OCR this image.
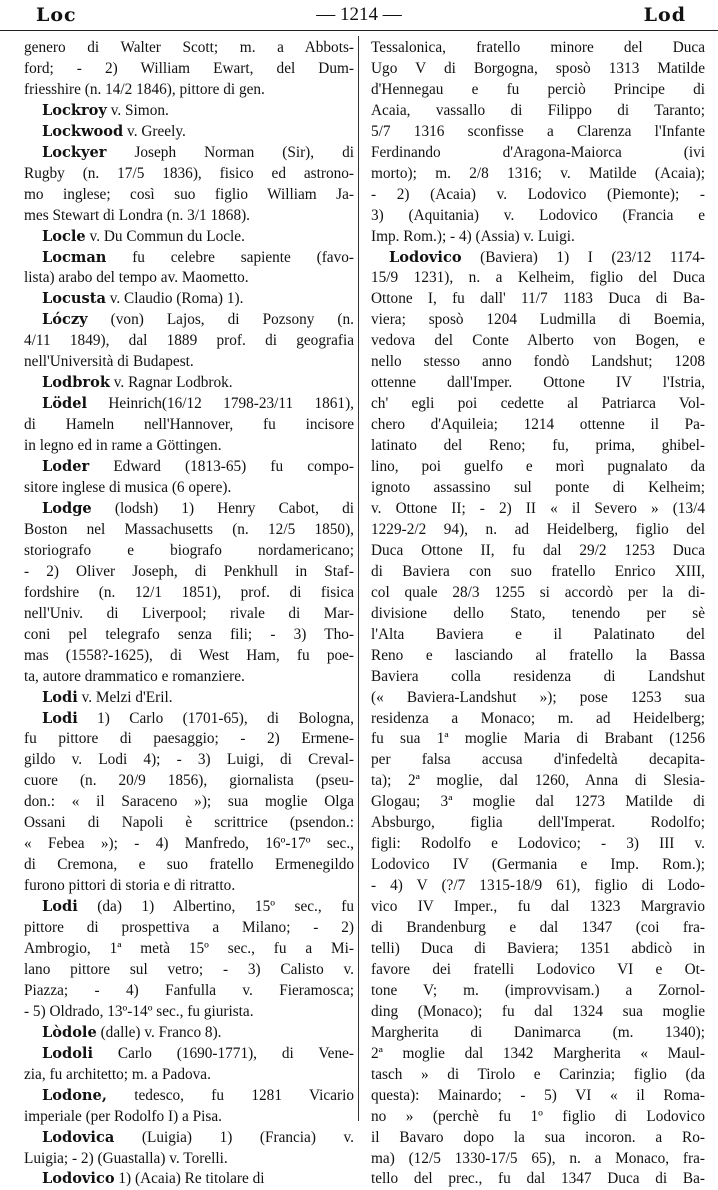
Loc	— 1214 —	Lod
genero di Walter Scott; m. a Abbots-
ford; - 2) William Ewart, del Dum-
friesshire (n. 14/2 1846), pittore di gen.
Lockroy v. Simon.
Lockwood v. Greely.
Lockyer Joseph Norman (Sir), di
Rugby (n. 17/5 1836), fisico ed astrono-
mo inglese; così suo figlio William Ja-
mes Stewart di Londra (n. 3/1 1868).
Locle v. Du Commun du Locle.
Locman fu celebre sapiente (favo-
lista) arabo del tempo av. Maometto.
Locusta v. Claudio (Roma) 1).
Lóczy (von) Lajos, di Pozsony (n.
4/11 1849), dal 1889 prof. di geografia
nell'Università di Budapest.
Lodbrok v. Ragnar Lodbrok.
Lödel Heinrich(16/12 1798-23/11 1861),
di Hameln nell'Hannover, fu incisore
in legno ed in rame a Göttingen.
Loder Edward (1813-65) fu compo-
sitore inglese di musica (6 opere).
Lodge (lodsh) 1) Henry Cabot, di
Boston nel Massachusetts (n. 12/5 1850),
storiografo e biografo nordamericano;
- 2) Oliver Joseph, di Penkhull in Staf-
fordshire (n. 12/1 1851), prof. di fisica
nell'Univ. di Liverpool; rivale di Mar-
coni pel telegrafo senza fili; - 3) Tho-
mas (1558?-1625), di West Ham, fu poe-
ta, autore drammatico e romanziere.
Lodi v. Melzi d'Eril.
Lodi 1) Carlo (1701-65), di Bologna,
fu pittore di paesaggio; - 2) Ermene-
gildo v. Lodi 4); - 3) Luigi, di Creval-
cuore (n. 20/9 1856), giornalista (pseu-
don.: « il Saraceno »); sua moglie Olga
Ossani di Napoli è scrittrice (psendon.:
« Febea »); - 4) Manfredo, 16º-17º sec.,
di Cremona, e suo fratello Ermenegildo
furono pittori di storia e di ritratto.
Lodi (da) 1) Albertino, 15º sec., fu
pittore di prospettiva a Milano; - 2)
Ambrogio, 1ª metà 15º sec., fu a Mi-
lano pittore sul vetro; - 3) Calisto v.
Piazza; - 4) Fanfulla v. Fieramosca;
- 5) Oldrado, 13º-14º sec., fu giurista.
Lòdole (dalle) v. Franco 8).
Lodoli Carlo (1690-1771), di Vene-
zia, fu architetto; m. a Padova.
Lodone, tedesco, fu 1281 Vicario
imperiale (per Rodolfo I) a Pisa.
Lodovica (Luigia) 1) (Francia) v.
Luigia; - 2) (Guastalla) v. Torelli.
Lodovico 1) (Acaia) Re titolare di
Tessalonica, fratello minore del Duca
Ugo V di Borgogna, sposò 1313 Matilde
d'Hennegau e fu perciò Principe di
Acaia, vassallo di Filippo di Taranto;
5/7 1316 sconfisse a Clarenza l'Infante
Ferdinando d'Aragona-Maiorca (ivi
morto); m. 2/8 1316; v. Matilde (Acaia);
- 2) (Acaia) v. Lodovico (Piemonte); -
3) (Aquitania) v. Lodovico (Francia e
Imp. Rom.); - 4) (Assia) v. Luigi.
Lodovico (Baviera) 1) I (23/12 1174-
15/9 1231), n. a Kelheim, figlio del Duca
Ottone I, fu dall' 11/7 1183 Duca di Ba-
viera; sposò 1204 Ludmilla di Boemia,
vedova del Conte Alberto von Bogen, e
nello stesso anno fondò Landshut; 1208
ottenne dall'Imper. Ottone IV l'Istria,
ch' egli poi cedette al Patriarca Vol-
chero d'Aquileia; 1214 ottenne il Pa-
latinato del Reno; fu, prima, ghibel-
lino, poi guelfo e morì pugnalato da
ignoto assassino sul ponte di Kelheim;
v. Ottone II; - 2) II « il Severo » (13/4
1229-2/2 94), n. ad Heidelberg, figlio del
Duca Ottone II, fu dal 29/2 1253 Duca
di Baviera con suo fratello Enrico XIII,
col quale 28/3 1255 si accordò per la di-
divisione dello Stato, tenendo per sè
l'Alta Baviera e il Palatinato del
Reno e lasciando al fratello la Bassa
Baviera colla residenza di Landshut
(« Baviera-Landshut »); pose 1253 sua
residenza a Monaco; m. ad Heidelberg;
fu sua 1ª moglie Maria di Brabant (1256
per falsa accusa d'infedeltà decapita-
ta); 2ª moglie, dal 1260, Anna di Slesia-
Glogau; 3ª moglie dal 1273 Matilde di
Absburgo, figlia dell'Imperat. Rodolfo;
figli: Rodolfo e Lodovico; - 3) III v.
Lodovico IV (Germania e Imp. Rom.);
- 4) V (?/7 1315-18/9 61), figlio di Lodo-
vico IV Imper., fu dal 1323 Margravio
di Brandenburg e dal 1347 (coi fra-
telli) Duca di Baviera; 1351 abdicò in
favore dei fratelli Lodovico VI e Ot-
tone V; m. (improvvisam.) a Zornol-
ding (Monaco); fu dal 1324 sua moglie
Margherita di Danimarca (m. 1340);
2ª moglie dal 1342 Margherita « Maul-
tasch » di Tirolo e Carinzia; figlio (da
questa): Mainardo; - 5) VI « il Roma-
no » (perchè fu 1º figlio di Lodovico
il Bavaro dopo la sua incoron. a Ro-
ma) (12/5 1330-17/5 65), n. a Monaco, fra-
tello del prec., fu dal 1347 Duca di Ba-
